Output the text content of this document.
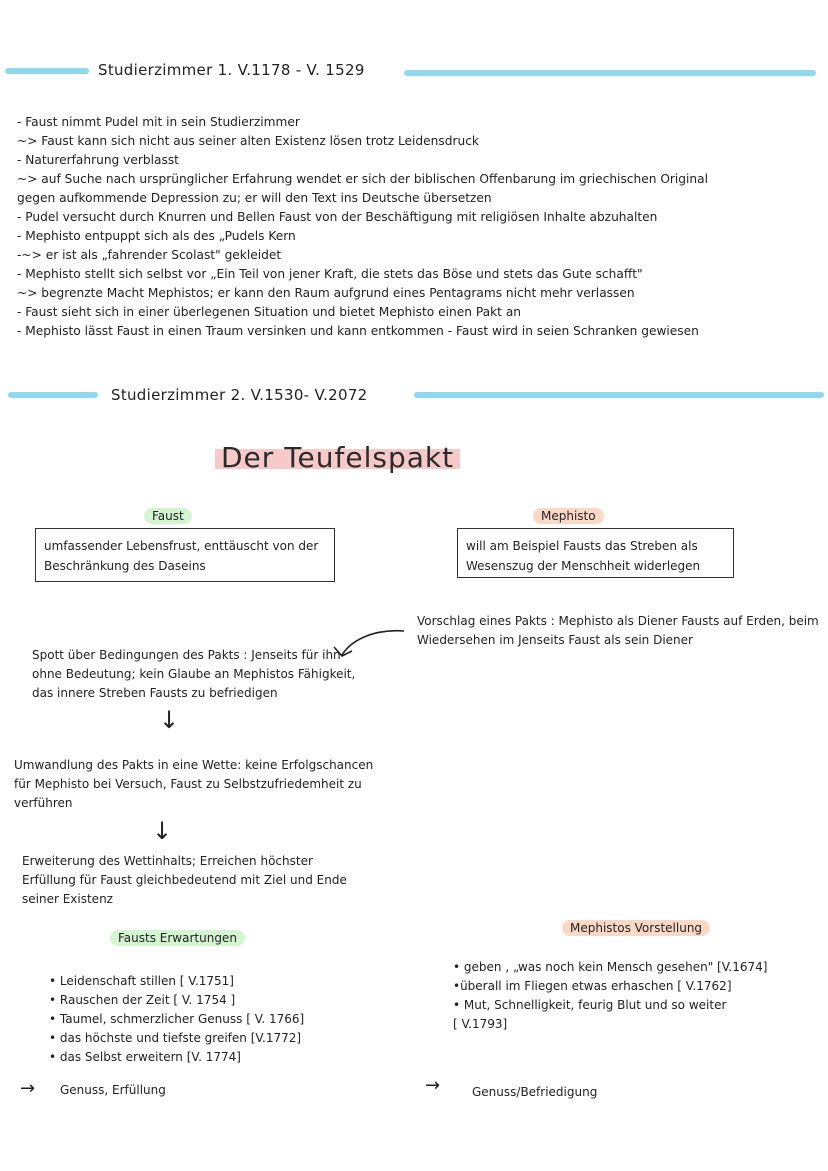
Studierzimmer 1. V.1178 - V. 1529
- Faust nimmt Pudel mit in sein Studierzimmer
~> Faust kann sich nicht aus seiner alten Existenz lösen trotz Leidensdruck
- Naturerfahrung verblasst
~> auf Suche nach ursprünglicher Erfahrung wendet er sich der biblischen Offenbarung im griechischen Original
gegen aufkommende Depression zu; er will den Text ins Deutsche übersetzen
- Pudel versucht durch Knurren und Bellen Faust von der Beschäftigung mit religiösen Inhalte abzuhalten
- Mephisto entpuppt sich als des „Pudels Kern
-~> er ist als „fahrender Scolast" gekleidet
- Mephisto stellt sich selbst vor „Ein Teil von jener Kraft, die stets das Böse und stets das Gute schafft"
~> begrenzte Macht Mephistos; er kann den Raum aufgrund eines Pentagrams nicht mehr verlassen
- Faust sieht sich in einer überlegenen Situation und bietet Mephisto einen Pakt an
- Mephisto lässt Faust in einen Traum versinken und kann entkommen - Faust wird in seien Schranken gewiesen
Studierzimmer 2. V.1530- V.2072
Der Teufelspakt
Faust	Mephisto
umfassender Lebensfrust, enttäuscht von der Beschränkung des Daseins
will am Beispiel Fausts das Streben als Wesenszug der Menschheit widerlegen
Vorschlag eines Pakts : Mephisto als Diener Fausts auf Erden, beim Wiedersehen im Jenseits Faust als sein Diener
Spott über Bedingungen des Pakts : Jenseits für ihn ohne Bedeutung; kein Glaube an Mephistos Fähigkeit, das innere Streben Fausts zu befriedigen
↓
Umwandlung des Pakts in eine Wette: keine Erfolgschancen für Mephisto bei Versuch, Faust zu Selbstzufriedemheit zu verführen
↓
Erweiterung des Wettinhalts; Erreichen höchster Erfüllung für Faust gleichbedeutend mit Ziel und Ende seiner Existenz
Fausts Erwartungen
• Leidenschaft stillen [ V.1751]
• Rauschen der Zeit [ V. 1754 ]
• Taumel, schmerzlicher Genuss [ V. 1766]
• das höchste und tiefste greifen [V.1772]
• das Selbst erweitern [V. 1774]
Mephistos Vorstellung
• geben , „was noch kein Mensch gesehen" [V.1674]
•überall im Fliegen etwas erhaschen [ V.1762]
• Mut, Schnelligkeit, feurig Blut und so weiter
[ V.1793]
→ Genuss, Erfüllung	→	Genuss/Befriedigung
